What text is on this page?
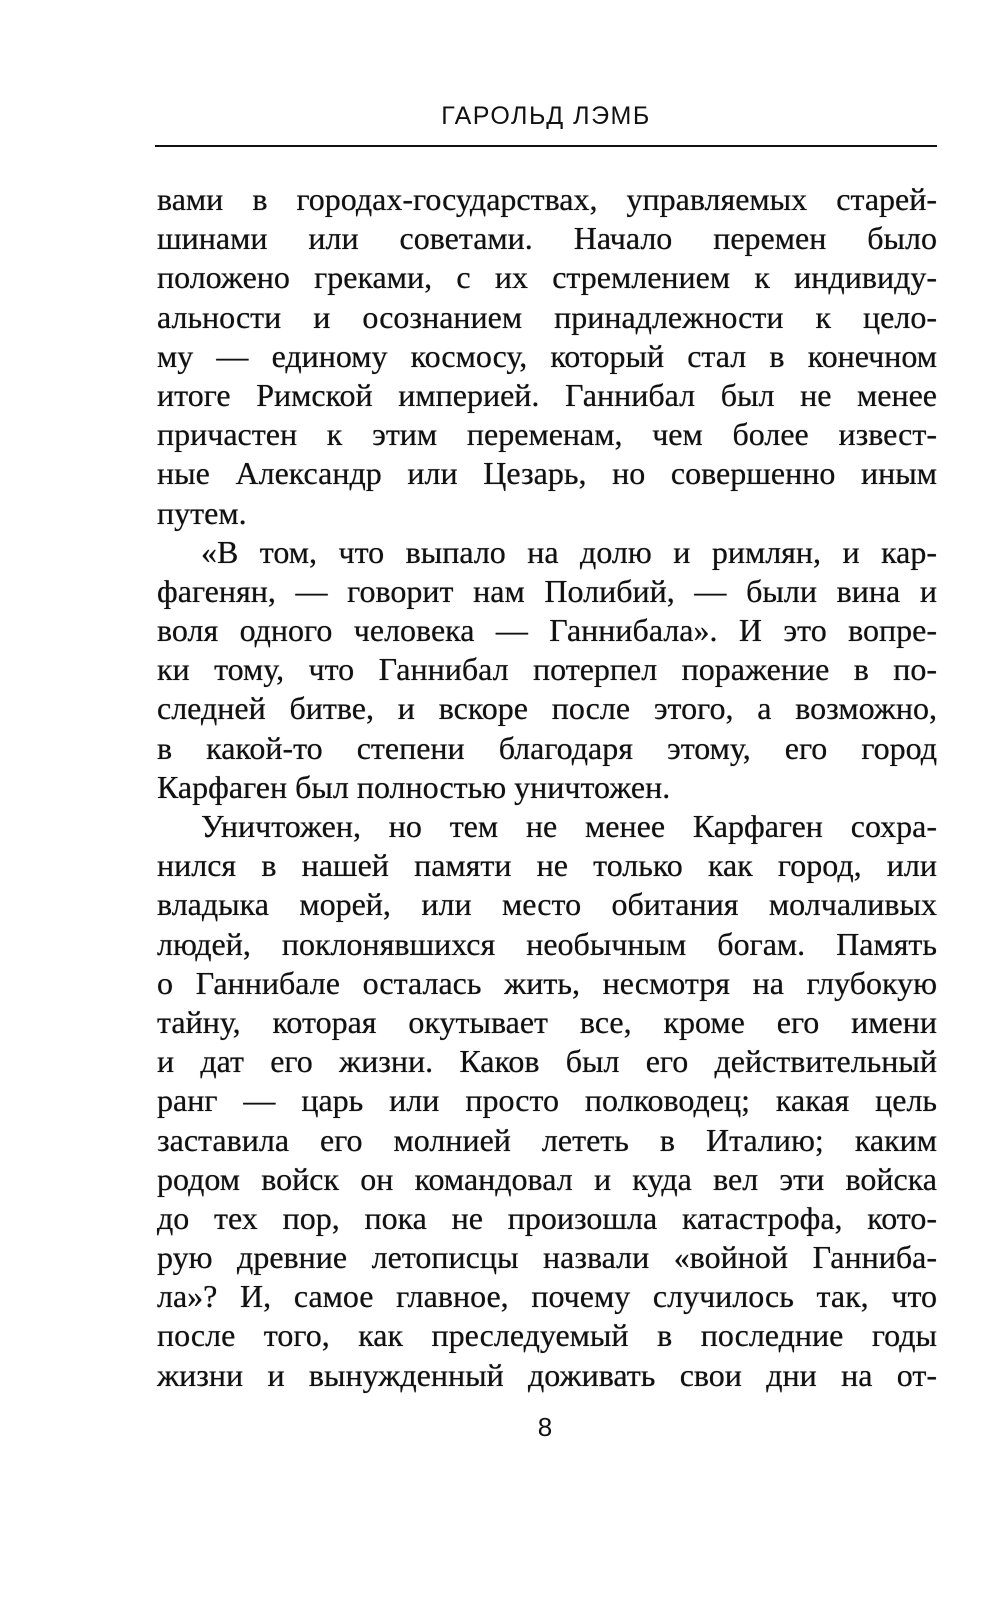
ГАРОЛЬД ЛЭМБ
вами в городах-государствах, управляемых старей-
шинами или советами. Начало перемен было
положено греками, с их стремлением к индивиду-
альности и осознанием принадлежности к цело-
му — единому космосу, который стал в конечном
итоге Римской империей. Ганнибал был не менее
причастен к этим переменам, чем более извест-
ные Александр или Цезарь, но совершенно иным
путем.
«В том, что выпало на долю и римлян, и кар-
фагенян, — говорит нам Полибий, — были вина и
воля одного человека — Ганнибала». И это вопре-
ки тому, что Ганнибал потерпел поражение в по-
следней битве, и вскоре после этого, а возможно,
в какой-то степени благодаря этому, его город
Карфаген был полностью уничтожен.
Уничтожен, но тем не менее Карфаген сохра-
нился в нашей памяти не только как город, или
владыка морей, или место обитания молчаливых
людей, поклонявшихся необычным богам. Память
о Ганнибале осталась жить, несмотря на глубокую
тайну, которая окутывает все, кроме его имени
и дат его жизни. Каков был его действительный
ранг — царь или просто полководец; какая цель
заставила его молнией лететь в Италию; каким
родом войск он командовал и куда вел эти войска
до тех пор, пока не произошла катастрофа, кото-
рую древние летописцы назвали «войной Ганниба-
ла»? И, самое главное, почему случилось так, что
после того, как преследуемый в последние годы
жизни и вынужденный доживать свои дни на от-
8
